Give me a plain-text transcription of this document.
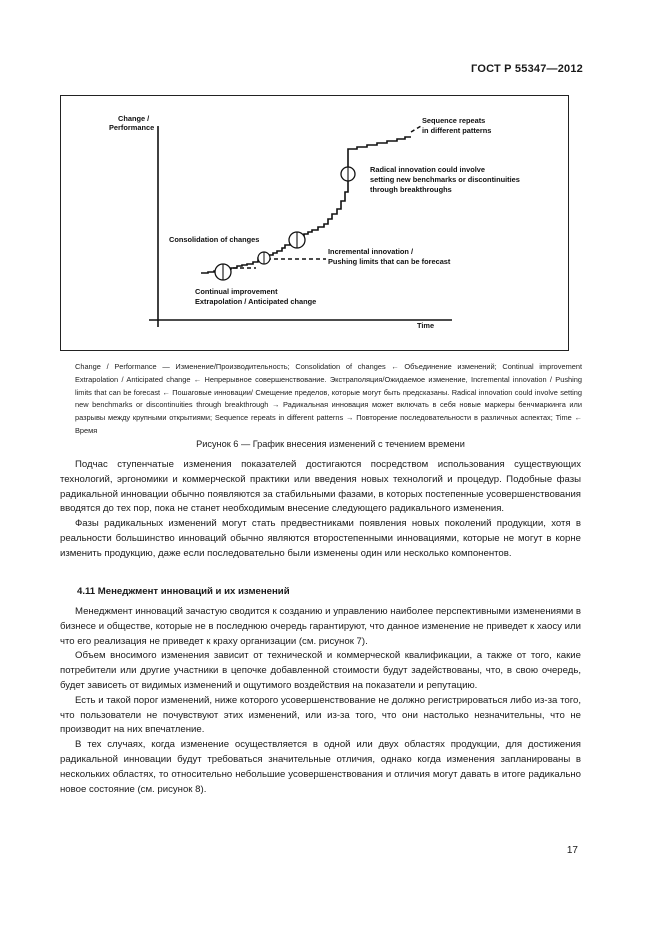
ГОСТ Р 55347—2012
Change /
Performance
Time
Sequence repeats
in different patterns
Radical innovation could involve
setting new benchmarks or discontinuities
through breakthroughs
Consolidation of changes
Incremental innovation /
Pushing limits that can be forecast
Continual improvement
Extrapolation / Anticipated change
Change / Performance — Изменение/Производительность; Consolidation of changes ← Объединение изменений; Continual improvement Extrapolation / Anticipated change ← Непрерывное совершенствование. Экстраполяция/Ожидаемое изменение, Incremental innovation / Pushing limits that can be forecast ← Пошаговые инновации/ Смещение пределов, которые могут быть предсказаны. Radical innovation could involve setting new benchmarks or discontinuities through breakthrough → Радикальная инновация может включать в себя новые маркеры бенчмаркинга или разрывы между крупными открытиями; Sequence repeats in different patterns → Повторение последовательности в различных аспектах; Time ← Время
Рисунок 6 — График внесения изменений с течением времени

Подчас ступенчатые изменения показателей достигаются посредством использования существующих технологий, эргономики и коммерческой практики или введения новых технологий и процедур. Подобные фазы радикальной инновации обычно появляются за стабильными фазами, в которых постепенные усовершенствования вводятся до тех пор, пока не станет необходимым внесение следующего радикального изменения.

Фазы радикальных изменений могут стать предвестниками появления новых поколений продукции, хотя в реальности большинство инноваций обычно являются второстепенными инновациями, которые не могут в корне изменить продукцию, даже если последовательно были изменены один или несколько компонентов.

4.11 Менеджмент инноваций и их изменений

Менеджмент инноваций зачастую сводится к созданию и управлению наиболее перспективными изменениями в бизнесе и обществе, которые не в последнюю очередь гарантируют, что данное изменение не приведет к хаосу или что его реализация не приведет к краху организации (см. рисунок 7).

Объем вносимого изменения зависит от технической и коммерческой квалификации, а также от того, какие потребители или другие участники в цепочке добавленной стоимости будут задействованы, что, в свою очередь, будет зависеть от видимых изменений и ощутимого воздействия на показатели и репутацию.

Есть и такой порог изменений, ниже которого усовершенствование не должно регистрироваться либо из-за того, что пользователи не почувствуют этих изменений, или из-за того, что они настолько незначительны, что не производит на них впечатление.

В тех случаях, когда изменение осуществляется в одной или двух областях продукции, для достижения радикальной инновации будут требоваться значительные отличия, однако когда изменения запланированы в нескольких областях, то относительно небольшие усовершенствования и отличия могут давать в итоге радикально новое состояние (см. рисунок 8).

17
